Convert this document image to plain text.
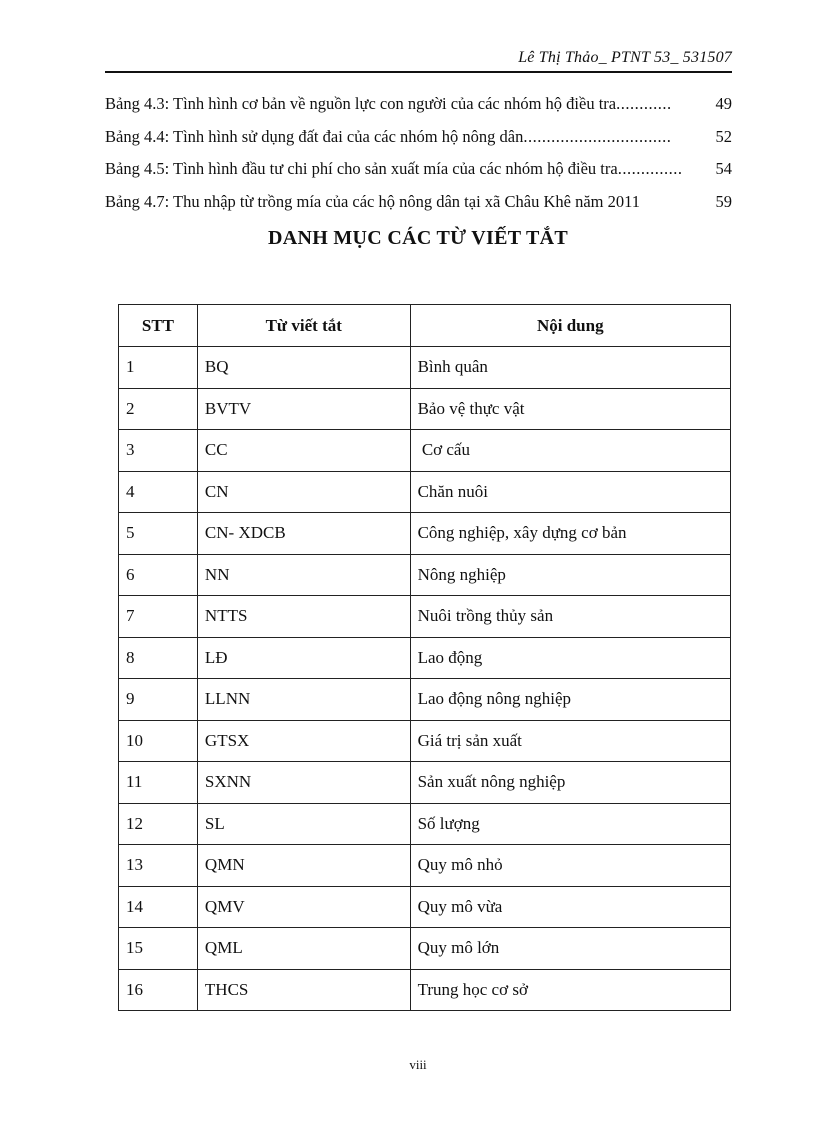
Lê Thị Thảo_ PTNT 53_ 531507
Bảng 4.3: Tình hình cơ bản về nguồn lực con người của các nhóm hộ điều tra ............	49
Bảng 4.4: Tình hình sử dụng đất đai của các nhóm hộ nông dân ................................	52
Bảng 4.5: Tình hình đầu tư chi phí cho sản xuất mía của các nhóm hộ điều tra ..............	54
Bảng 4.7: Thu nhập từ trồng mía của các hộ nông dân tại xã Châu Khê năm 2011	59
DANH MỤC CÁC TỪ VIẾT TẮT
STT	Từ viết tắt	Nội dung
1	BQ	Bình quân
2	BVTV	Bảo vệ thực vật
3	CC	Cơ cấu
4	CN	Chăn nuôi
5	CN- XDCB	Công nghiệp, xây dựng cơ bản
6	NN	Nông nghiệp
7	NTTS	Nuôi trồng thủy sản
8	LĐ	Lao động
9	LLNN	Lao động nông nghiệp
10	GTSX	Giá trị sản xuất
11	SXNN	Sản xuất nông nghiệp
12	SL	Số lượng
13	QMN	Quy mô nhỏ
14	QMV	Quy mô vừa
15	QML	Quy mô lớn
16	THCS	Trung học cơ sở
viii
